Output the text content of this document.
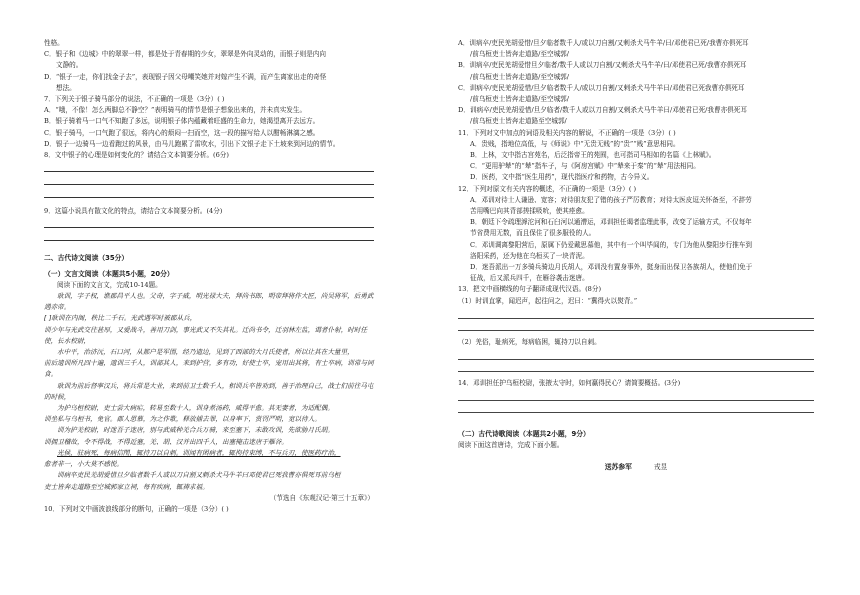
性格。

C．银子和《边城》中的翠翠一样，都是处于青春期的少女，翠翠是外向灵动的，而银子则是内向

文静的。

D．“银子一走，你们找金子去”，表现银子因父母嘲笑她并对嫁产生不满，而产生离家出走的奇怪

想法。

7．下列关于银子骑马部分的说法，不正确的一项是（3分）( )

A．“哦，不像！怎么两脚总不静空？”表明骑马的情节是银子想象出来的，并未真实发生。

B．银子骑着马一口气不知跑了多远，说明银子体内蕴藏着旺盛的生命力，她渴望离开去远方。

C．银子骑马，一口气跑了很远，将内心的烦闷一扫而空，这一段的描写给人以酣畅淋漓之感。

D．银子一边骑马一边看跑过的风景，由马儿跑累了雷吹水，引出下文银子走下土坡来到河边的情节。

8．文中银子的心理是如何变化的？请结合文本简要分析。(6分)

9．这篇小说具有散文化的特点，请结合文本简要分析。(4分)

二、古代诗文阅读（35分）

（一）文言文阅读（本题共5小题，20分）

阅读下面的文言文，完成10-14题。

耿训，字子权，谯郡昌平人也。父奇，字子威，明光禄大夫，拜尚书郎，明帝拜将作大匠，尚吴将军，后勇武遇赤帝。

[ ]耿训在内阁，秩比二千石。光武遇军时被郡从兵，

训少年与光武交往甚厚，又爱战斗，善用刀剑，事光武又不失其礼。迁尚书令，迁羽林左监，谒者仆射，时时任使，长水校尉，

水中平，治济沅，石口河，从都户是军围，经乃遗边，见到了西部的大月氏使者，所以让其在大量里，

前后遗训所凡四十遍，遗训三千人，训部其人，来到护营，多有功，好使士卒，宠用出其将，有士卒病，训常与同食。

耿训为前后督率汉兵，将兵常是大业，来到前卫士数千人，相训兵卒皆劝到，善于治理自己，战士们前往马屯的时候，

为护乌桓校尉，吏士尝大病疟，转易至数十人，训身煮汤药，咸得平愈。其无妻者，为适配偶。

训坐私与乌桓书，免官。郡人思慕，为之作歌，释放捕去罪，以身率下，赏罚严明，宽以待人。

训为护羌校尉，时迷吾子迷唐，别与武威种羌合兵万骑，来至塞下，未敢攻训，先欲胁月氏胡。

训拥卫稽故，令不得战，不得近塞，羌、胡、汉并出四千人，出塞掩击迷唐于雁谷。

光侯，驻病死，每病信閇，辄持刀以自刺。训闻有困病者，辄拘持束缚，不与兵刃，使医药疗治，

愈者非一，小大莫不感悦。

训病卒吏民羌胡爱惜旦夕临者数千人或以刀自割又剌杀犬马牛羊曰邓使君已死我曹亦俱死耳前乌桓

吏士皆奔走道路至空城郭家立祠，每有疾病，辄祷求福。

（节选自《东观汉记·第三十五章》）

10．下列对文中画波浪线部分的断句，正确的一项是（3分）( )

A．训病卒/吏民羌胡爱惜/旦夕临者数千人/或以刀自割/又剌杀犬马牛羊/曰/邓使君已死/我曹亦俱死耳

/前乌桓吏士皆奔走道路/至空城郭/

B．训病卒/吏民羌胡爱惜旦夕临者/数千人或以刀自割/又剌杀犬马牛羊/曰/邓使君已死/我曹亦俱死耳

/前乌桓吏士皆奔走道路/至空城郭/

C．训病卒/吏民羌胡爱惜/旦夕临者数千人/或以刀自割/又剌杀犬马牛羊曰/邓使君已死我曹亦俱死耳

/前乌桓吏士皆奔走道路/至空城郭/

D．训病卒/吏民羌胡爱惜/旦夕临者/数千人或以刀自割/又剌杀犬马牛羊曰/邓使君已死/我曹亦俱死耳

/前乌桓吏士皆奔走道路至空城郭/

11．下列对文中加点的词语及相关内容的解说，不正确的一项是（3分）( )

A．贵贱，指地位高低，与《师说》中“无贵无贱”的“贵”“贱”意思相同。

B．上林，文中指古宫苑名，后泛指帝王的苑囿，也可指司马相如的名篇《上林赋》。

C．“更用驴辇”的“辇”指车子，与《阿房宫赋》中“辇来于秦”的“辇”用法相同。

D．医药，文中指“医生用药”，现代指医疗和药物，古今异义。

12．下列对原文有关内容的概述，不正确的一项是（3分）( )

A．邓训对待士人谦逊、宽容；对待朋友犯了错的孩子严厉教育；对待太医皮逗关怀备至，不辞劳

苦用嘴巴向其背部搓揉吸吮，使其痊愈。

B．朝廷下令疏理滹沱河和石臼河以通漕运，邓训担任谒者监理此事，改变了运输方式，不仅每年

节省费用无数，而且保住了很多服役的人。

C．邓训调离黎阳营后，原属下仍爱戴思慕他，其中有一个叫毕闾的，专门为他从黎阳步行推车到

洛阳采药，还为他在乌桓买了一块青泥。

D．迷吾派出一万多骑兵骑边月氏胡人，邓训没有置身事外，挺身而出保卫各族胡人，使他们免于

征战，后又派兵四千，在雁谷袭击迷唐。

13．把文中画横线的句子翻译成现代汉语。(8分)

（1）时训直掌，闻迟声，起往问之，迟曰：“冀得火以熨背。”

（2）羌俗，耻病死，每病临困，辄持刀以自刺。

14．邓训担任护乌桓校尉，张掖太守时，如何赢得民心？请简要概括。(3分)

（二）古代诗歌阅读（本题共2小题，9分）

阅读下面这首唐诗，完成下面小题。

送苏参军	戎昱
